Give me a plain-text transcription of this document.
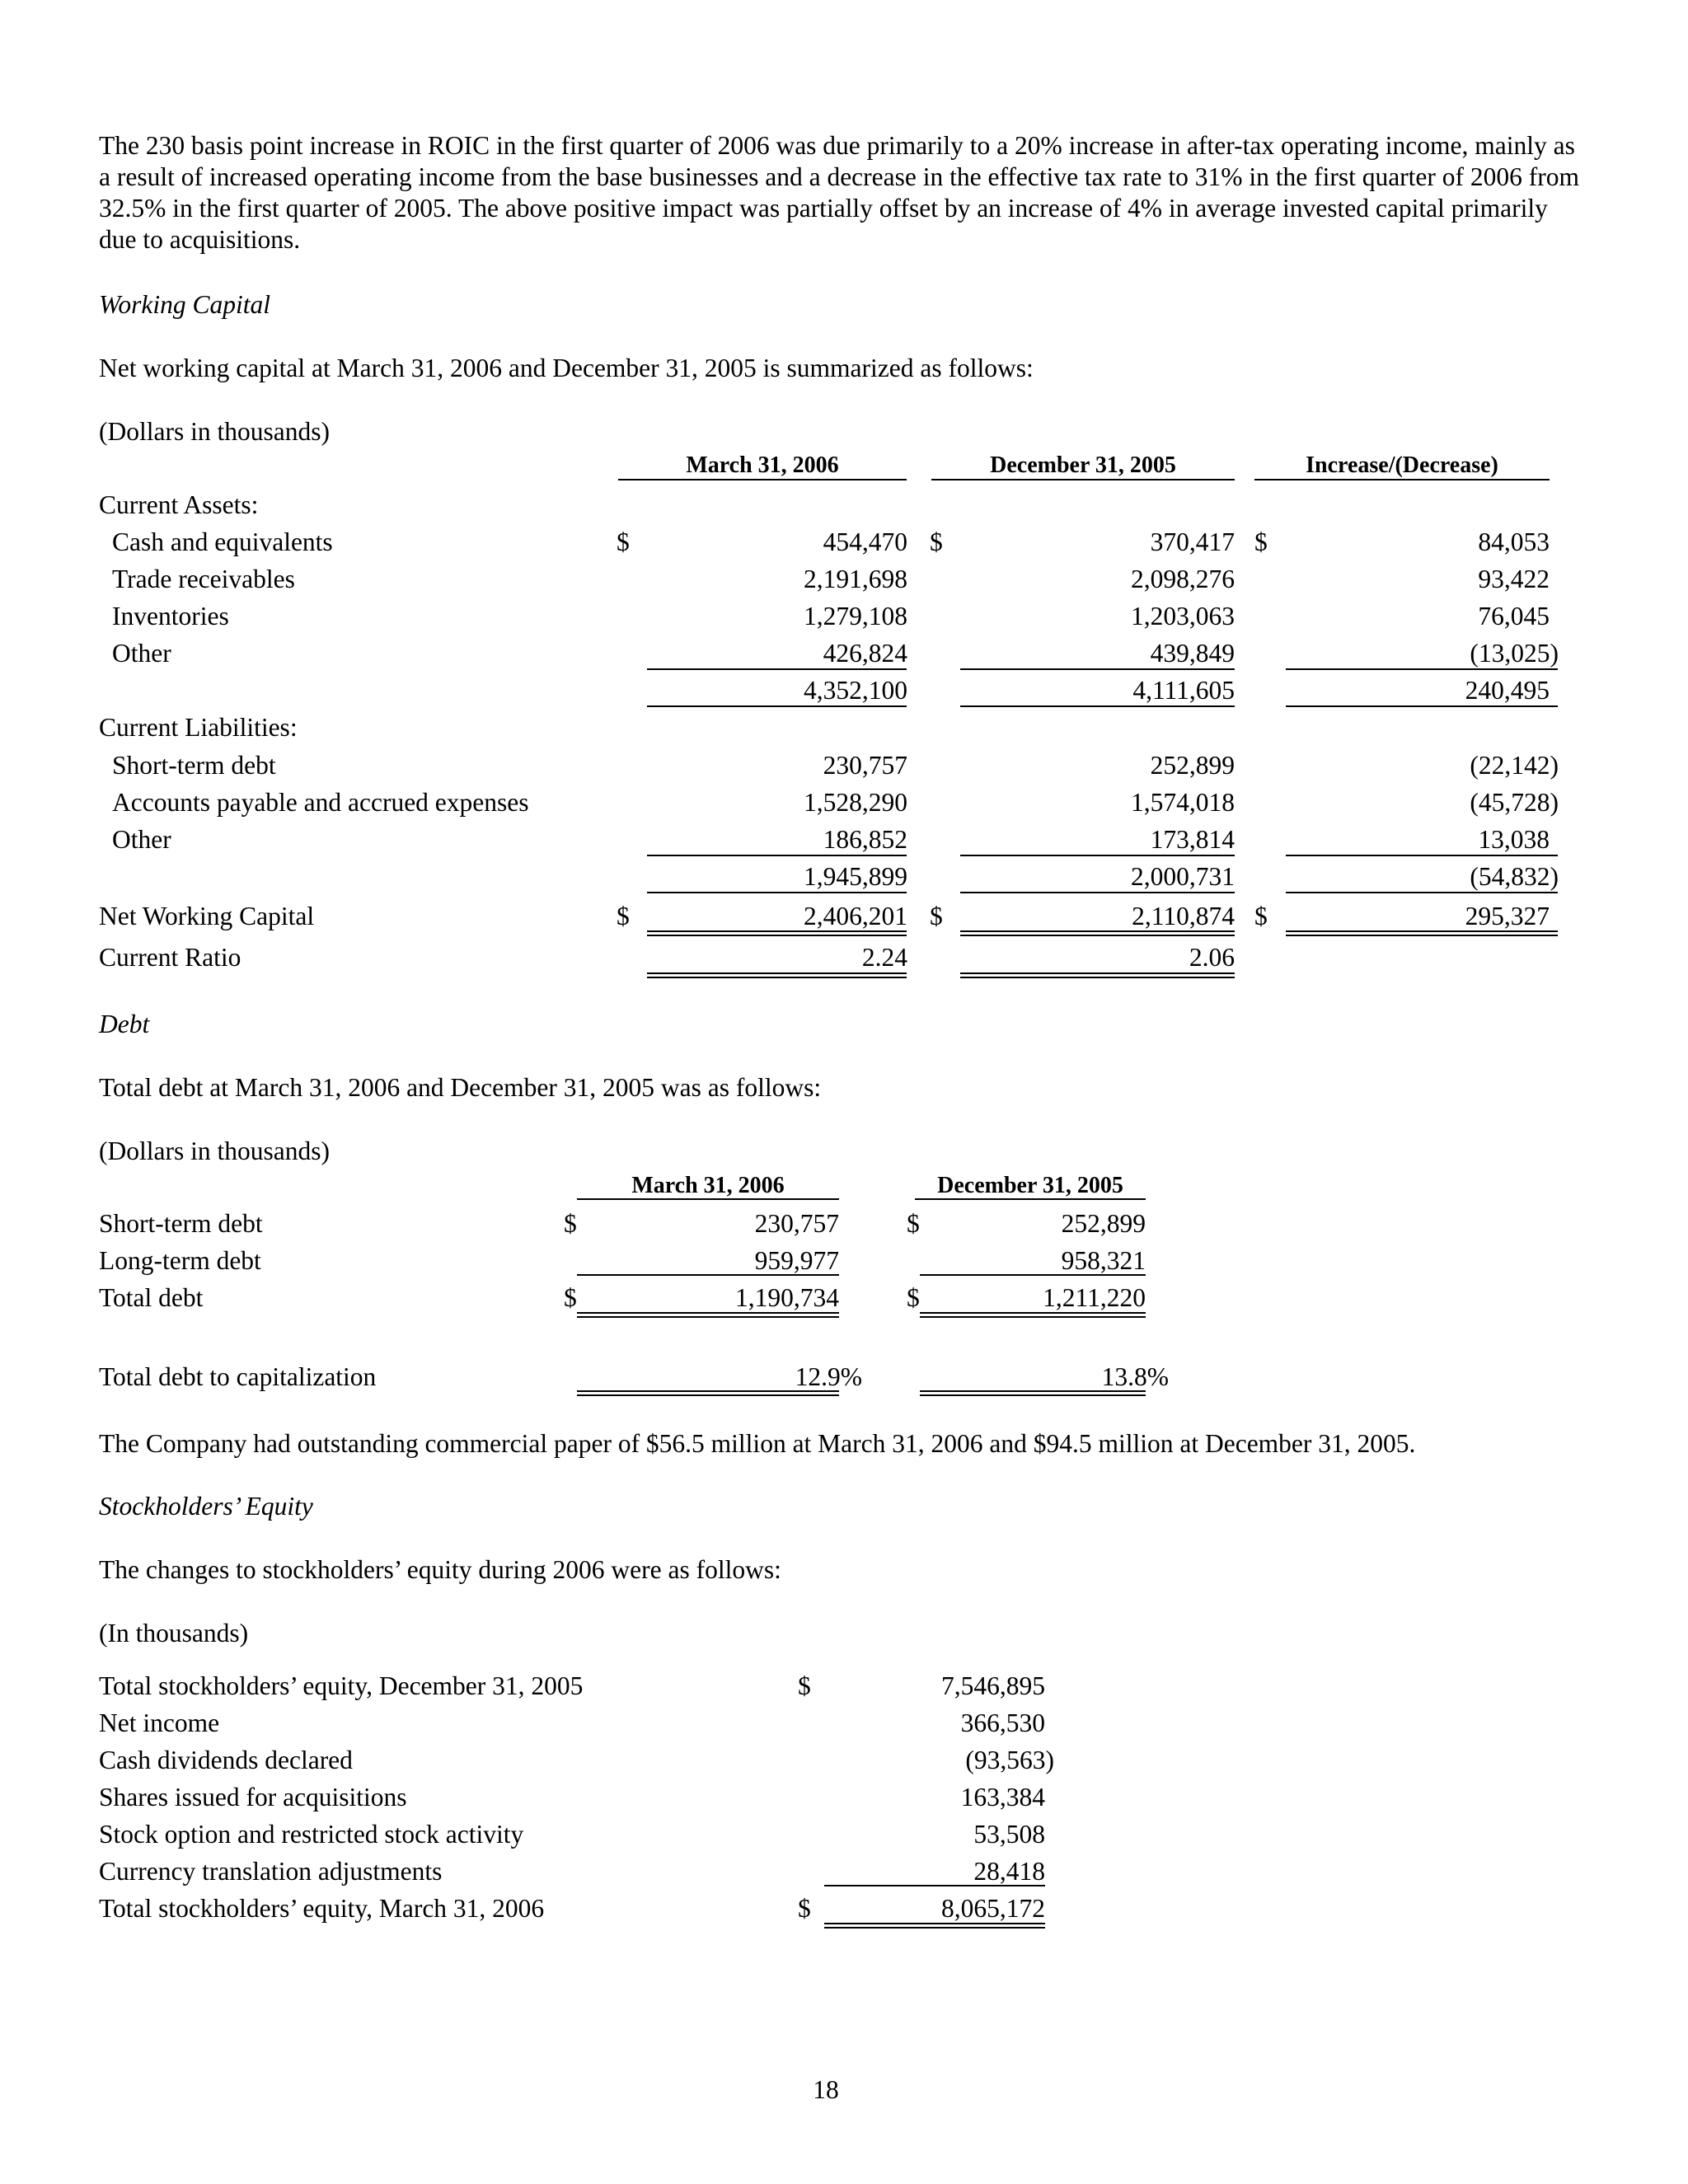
The 230 basis point increase in ROIC in the first quarter of 2006 was due primarily to a 20% increase in after-tax operating income, mainly as a result of increased operating income from the base businesses and a decrease in the effective tax rate to 31% in the first quarter of 2006 from 32.5% in the first quarter of 2005. The above positive impact was partially offset by an increase of 4% in average invested capital primarily due to acquisitions.
Working Capital
Net working capital at March 31, 2006 and December 31, 2005 is summarized as follows:
(Dollars in thousands)
March 31, 2006	December 31, 2005	Increase/(Decrease)
Current Assets:
Cash and equivalents	$	454,470 $	370,417 $	84,053
Trade receivables	2,191,698	2,098,276	93,422
Inventories	1,279,108	1,203,063	76,045
Other	426,824	439,849	(13,025)
4,352,100	4,111,605	240,495
Current Liabilities:
Short-term debt	230,757	252,899	(22,142)
Accounts payable and accrued expenses	1,528,290	1,574,018	(45,728)
Other	186,852	173,814	13,038
1,945,899	2,000,731	(54,832)
Net Working Capital	$	2,406,201 $	2,110,874 $	295,327
Current Ratio	2.24	2.06
Debt
Total debt at March 31, 2006 and December 31, 2005 was as follows:
(Dollars in thousands)
March 31, 2006	December 31, 2005
Short-term debt	$	230,757	$	252,899
Long-term debt	959,977	958,321
Total debt	$	1,190,734	$	1,211,220
Total debt to capitalization	12.9%	13.8%
The Company had outstanding commercial paper of $56.5 million at March 31, 2006 and $94.5 million at December 31, 2005.
Stockholders’ Equity
The changes to stockholders’ equity during 2006 were as follows:
(In thousands)
Total stockholders’ equity, December 31, 2005	$	7,546,895
Net income	366,530
Cash dividends declared	(93,563)
Shares issued for acquisitions	163,384
Stock option and restricted stock activity	53,508
Currency translation adjustments	28,418
Total stockholders’ equity, March 31, 2006	$	8,065,172
18
